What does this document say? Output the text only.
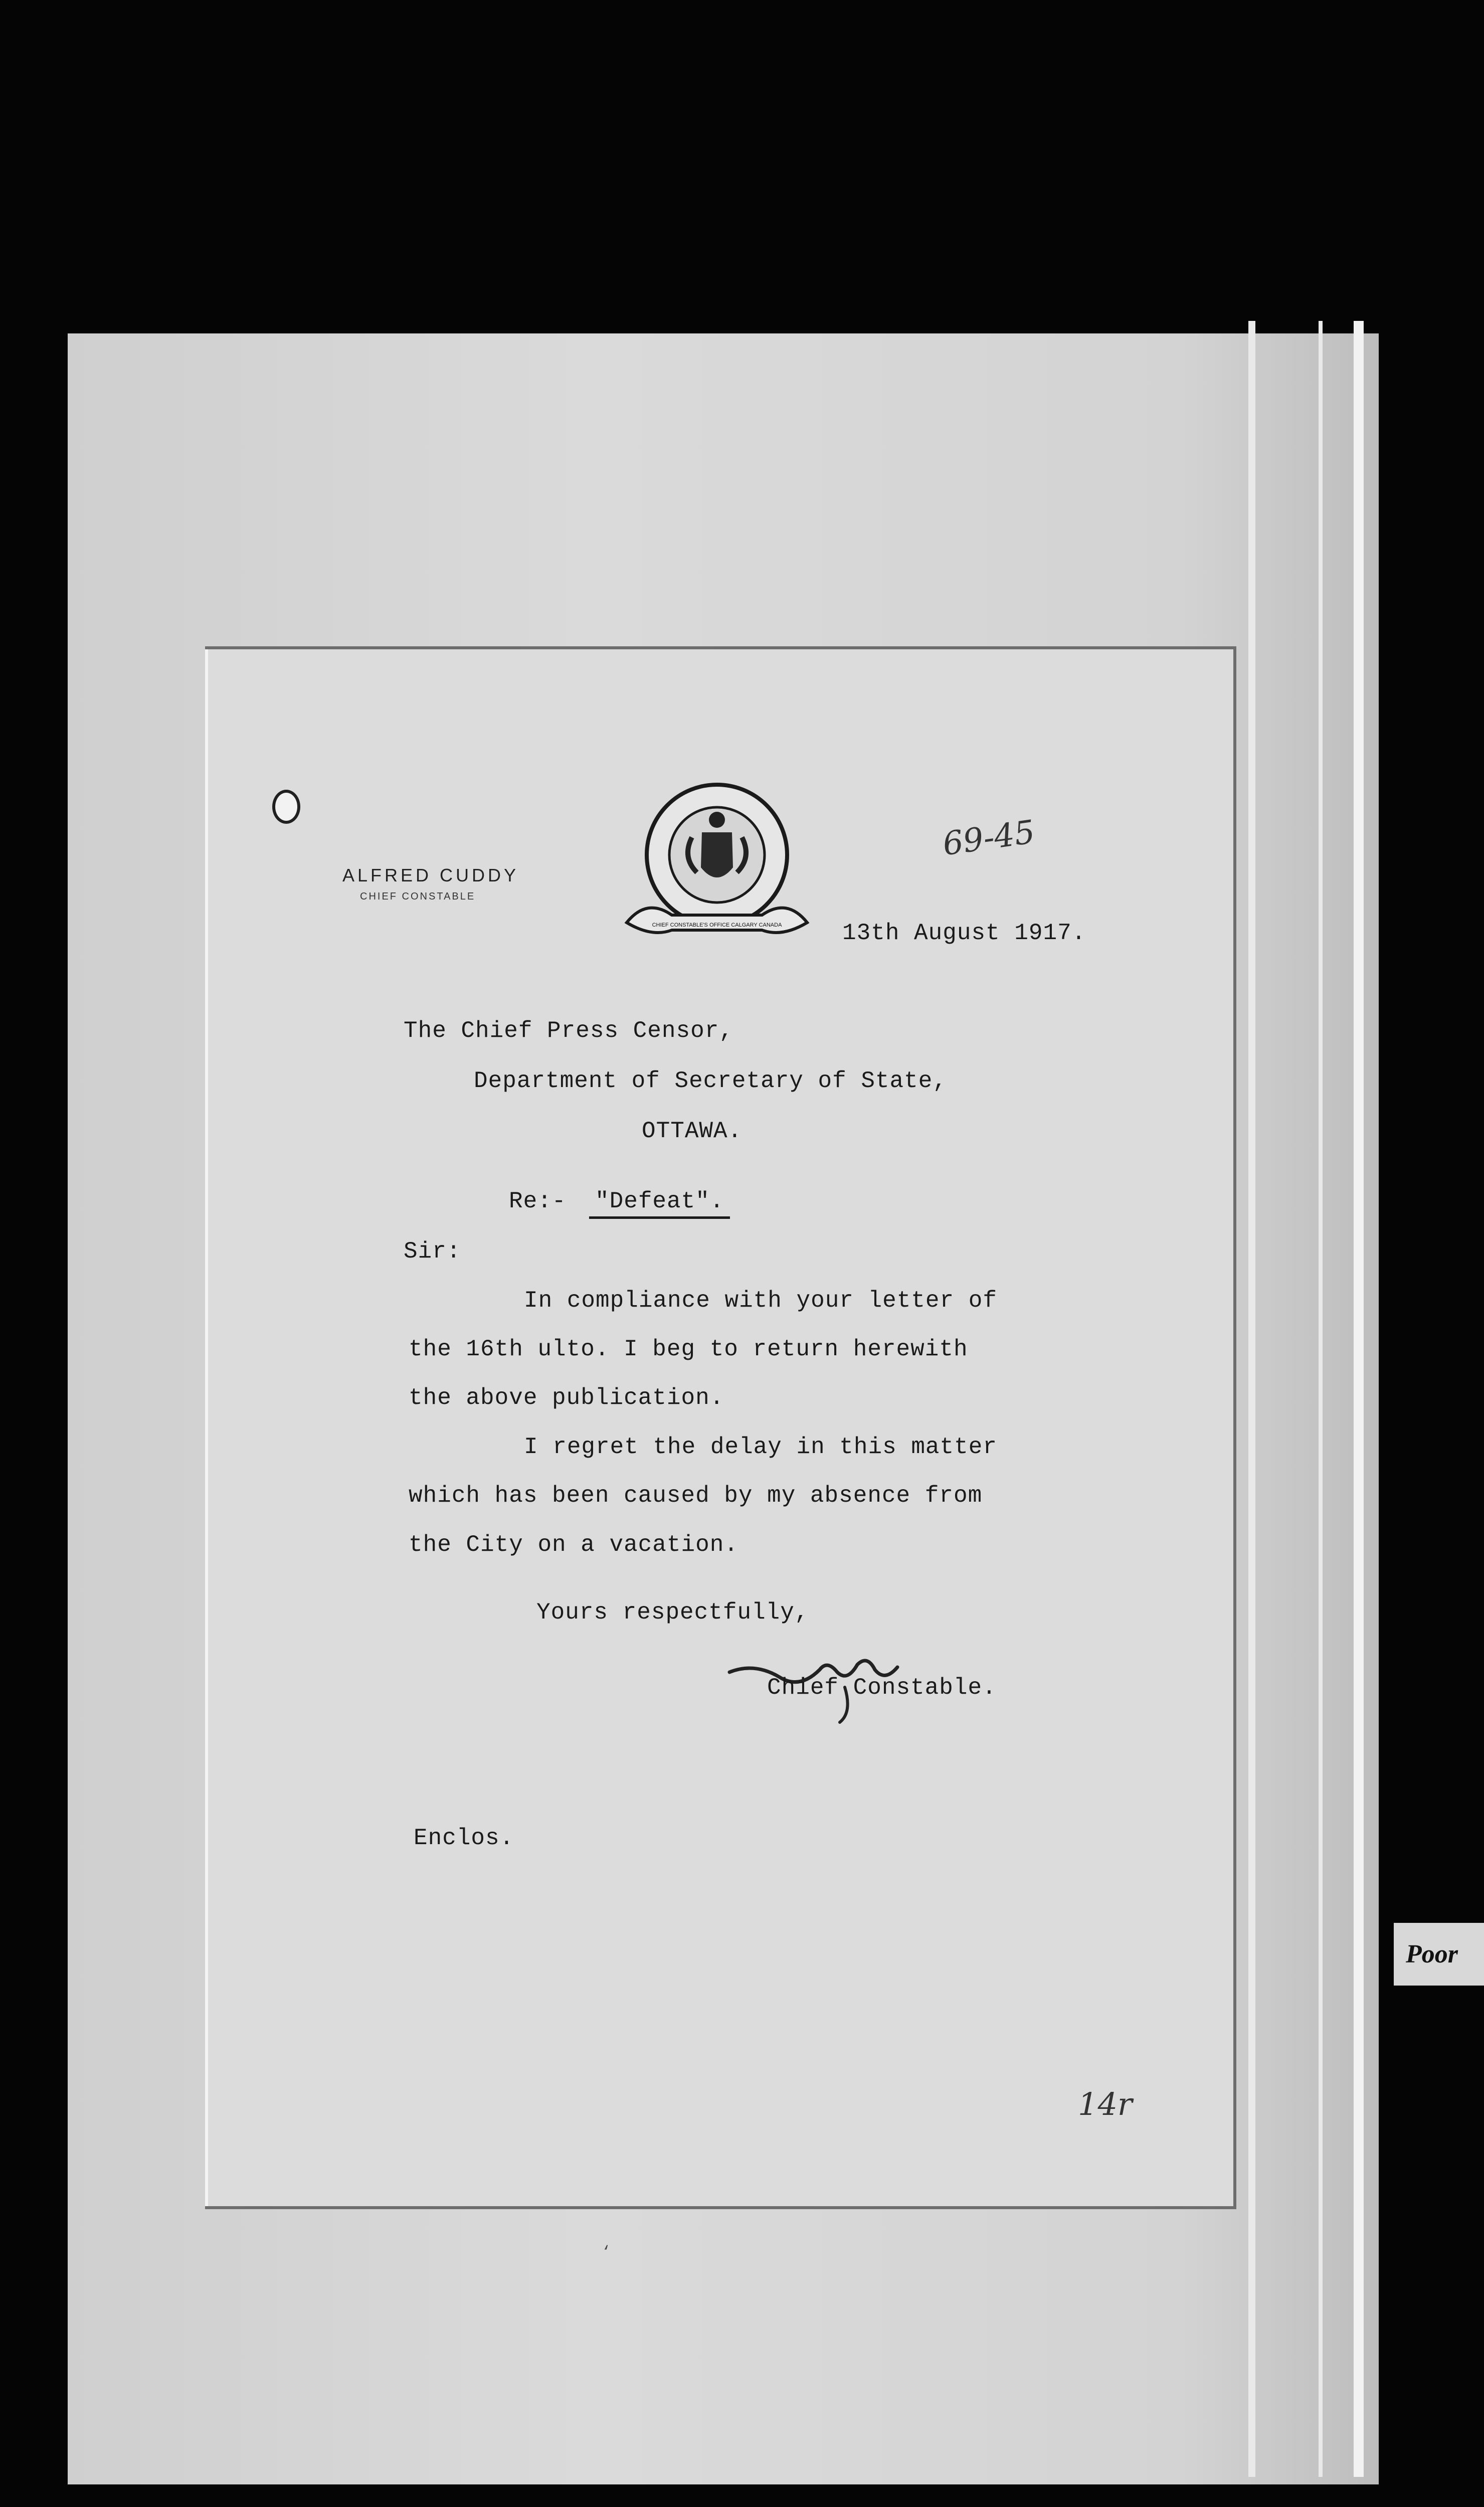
Poor
ALFRED CUDDY
CHIEF CONSTABLE
CHIEF CONSTABLE'S OFFICE CALGARY CANADA
69-45
13th August 1917.
The Chief Press Censor,
Department of Secretary of State,
OTTAWA.
Re:- "Defeat".
Sir:
In compliance with your letter of
the 16th ulto. I beg to return herewith
the above publication.
I regret the delay in this matter
which has been caused by my absence from
the City on a vacation.
Yours respectfully,
Chief Constable.
Enclos.
14r
‘
